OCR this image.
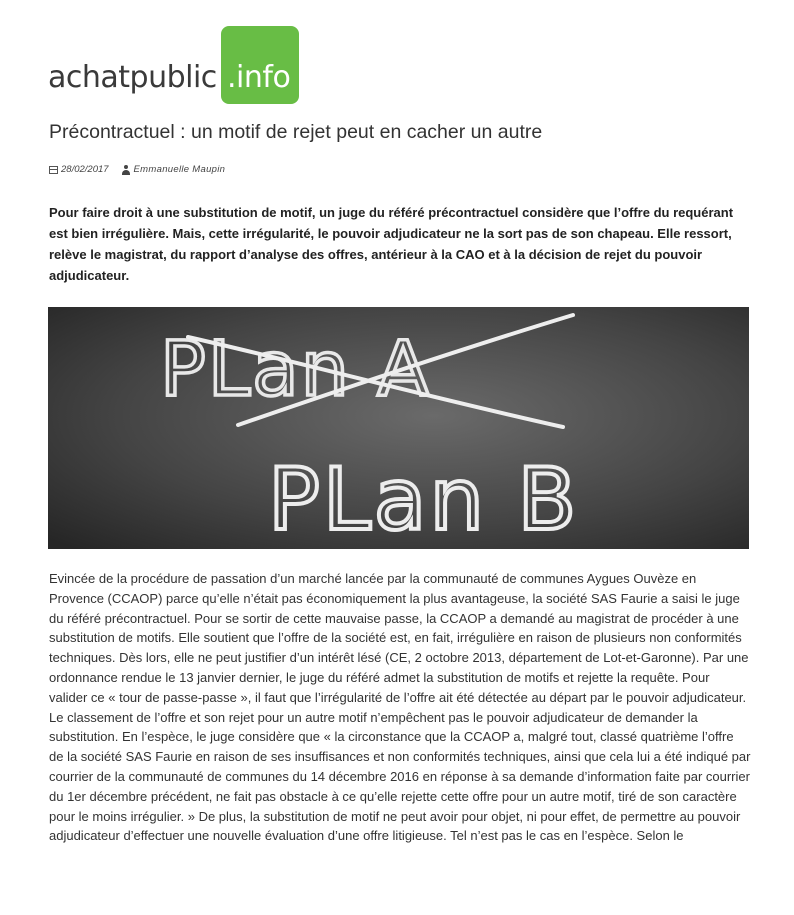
achatpublic .info
Précontractuel : un motif de rejet peut en cacher un autre
28/02/2017	Emmanuelle Maupin

Pour faire droit à une substitution de motif, un juge du référé précontractuel considère que l’offre du requérant est bien irrégulière. Mais, cette irrégularité, le pouvoir adjudicateur ne la sort pas de son chapeau. Elle ressort, relève le magistrat, du rapport d’analyse des offres, antérieur à la CAO et à la décision de rejet du pouvoir adjudicateur.

PLan A
PLan B

Evincée de la procédure de passation d’un marché lancée par la communauté de communes Aygues Ouvèze en Provence (CCAOP) parce qu’elle n’était pas économiquement la plus avantageuse, la société SAS Faurie a saisi le juge du référé précontractuel. Pour se sortir de cette mauvaise passe, la CCAOP a demandé au magistrat de procéder à une substitution de motifs. Elle soutient que l’offre de la société est, en fait, irrégulière en raison de plusieurs non conformités techniques. Dès lors, elle ne peut justifier d’un intérêt lésé (CE, 2 octobre 2013, département de Lot-et-Garonne). Par une ordonnance rendue le 13 janvier dernier, le juge du référé admet la substitution de motifs et rejette la requête. Pour valider ce « tour de passe-passe », il faut que l’irrégularité de l’offre ait été détectée au départ par le pouvoir adjudicateur. Le classement de l’offre et son rejet pour un autre motif n’empêchent pas le pouvoir adjudicateur de demander la substitution. En l’espèce, le juge considère que « la circonstance que la CCAOP a, malgré tout, classé quatrième l’offre de la société SAS Faurie en raison de ses insuffisances et non conformités techniques, ainsi que cela lui a été indiqué par courrier de la communauté de communes du 14 décembre 2016 en réponse à sa demande d’information faite par courrier du 1er décembre précédent, ne fait pas obstacle à ce qu’elle rejette cette offre pour un autre motif, tiré de son caractère pour le moins irrégulier. » De plus, la substitution de motif ne peut avoir pour objet, ni pour effet, de permettre au pouvoir adjudicateur d’effectuer une nouvelle évaluation d’une offre litigieuse. Tel n’est pas le cas en l’espèce. Selon le
